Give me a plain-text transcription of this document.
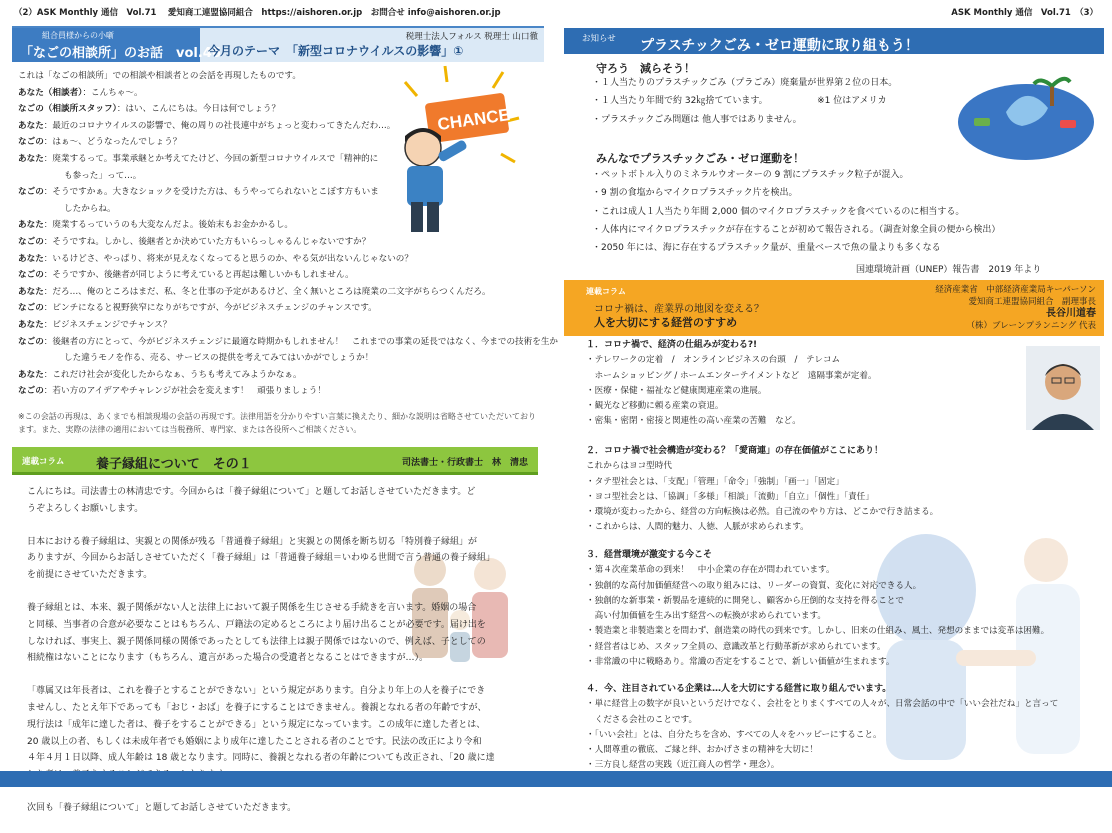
（2）ASK Monthly 通信　Vol.71　 愛知商工連盟協同組合　https://aishoren.or.jp　お問合せ info@aishoren.or.jp
組合員様からの小噺
「なごの相談所」のお話　vol.46
今月のテーマ　「新型コロナウイルスの影響」①
税理士法人フォルス 税理士 山口徹
CHANCE
これは「なごの相談所」での相談や相談者との会話を再現したものです。
あなた（相談者）：こんちゃ〜。
なごの（相談所スタッフ）：はい、こんにちは。今日は何でしょう？
あなた：最近のコロナウイルスの影響で、俺の周りの社長連中がちょっと変わってきたんだわ…。
なごの：はぁ〜、どうなったんでしょう？
あなた：廃業するって。事業承継とか考えてたけど、今回の新型コロナウイルスで「精神的に
も参った」って…。
なごの：そうですかぁ。大きなショックを受けた方は、もうやってられないとこぼす方もいま
したからね。
あなた：廃業するっていうのも大変なんだよ。後始末もお金かかるし。
なごの：そうですね。しかし、後継者とか決めていた方もいらっしゃるんじゃないですか？
あなた：いるけどさ、やっぱり、将来が見えなくなってると思うのか、やる気が出ないんじゃないの？
なごの：そうですか、後継者が同じように考えていると再起は難しいかもしれません。
あなた：だろ…、俺のところはまだ、私、冬と仕事の予定があるけど、全く無いところは廃業の二文字がちらつくんだろ。
なごの：ピンチになると視野狭窄になりがちですが、今がビジネスチェンジのチャンスです。
あなた：ビジネスチェンジでチャンス？
なごの：後継者の方にとって、今がビジネスチェンジに最適な時期かもしれません！　これまでの事業の延長ではなく、今までの技術を生か
した違うモノを作る、売る、サービスの提供を考えてみてはいかがでしょうか！
あなた：これだけ社会が変化したからなぁ、うちも考えてみようかなぁ。
なごの：若い方のアイデアやチャレンジが社会を変えます！　頑張りましょう！
※この会話の再現は、あくまでも相談現場の会話の再現です。法律用語を分かりやすい言葉に換えたり、細かな説明は省略させていただいております。また、実際の法律の適用においては当税務所、専門家、または各役所へご相談ください。
連載コラム 養子縁組について　その１	司法書士・行政書士　林　清忠

こんにちは。司法書士の林清忠です。今回からは「養子縁組について」と題してお話しさせていただきます。ど
うぞよろしくお願いします。

日本における養子縁組は、実親との関係が残る「普通養子縁組」と実親との関係を断ち切る「特別養子縁組」が
ありますが、今回からお話しさせていただく「養子縁組」は「普通養子縁組＝いわゆる世間で言う普通の養子縁組」
を前提にさせていただきます。

養子縁組とは、本来、親子関係がない人と法律上において親子関係を生じさせる手続きを言います。婚姻の場合
と同様、当事者の合意が必要なことはもちろん、戸籍法の定めるところにより届け出ることが必要です。届け出を
しなければ、事実上、親子関係同様の関係であったとしても法律上は親子関係ではないので、例えば、子としての
相続権はないことになります（もちろん、遺言があった場合の受遺者となることはできますが…）。

「尊属又は年長者は、これを養子とすることができない」という規定があります。自分より年上の人を養子にでき
ませんし、たとえ年下であっても「おじ・おば」を養子にすることはできません。養親となれる者の年齢ですが、
現行法は「成年に達した者は、養子をすることができる」という規定になっています。この成年に達した者とは、
20 歳以上の者、もしくは未成年者でも婚姻により成年に達したことされる者のことです。民法の改正により令和
４年４月１日以降、成人年齢は 18 歳となります。同時に、養親となれる者の年齢についても改正され、「20 歳に達

次回も「養子縁組について」と題してお話しさせていただきます。

ASK Monthly 通信　Vol.71　（3）
お知らせ プラスチックごみ・ゼロ運動に取り組もう！
守ろう　減らそう！
・１人当たりのプラスチックごみ（プラごみ）廃棄量が世界第２位の日本。
・１人当たり年間で約 32㎏捨てています。　　　　　　※1 位はアメリカ
・プラスチックごみ問題は 他人事ではありません。
みんなでプラスチックごみ・ゼロ運動を！
・ペットボトル入りのミネラルウオーターの 9 割にプラスチック粒子が混入。
・9 割の食塩からマイクロプラスチック片を検出。
・これは成人１人当たり年間 2,000 個のマイクロプラスチックを食べているのに相当する。
・人体内にマイクロプラスチックが存在することが初めて報告される。（調査対象全員の便から検出）
・2050 年には、海に存在するプラスチック量が、重量ベースで魚の量よりも多くなる
国連環境計画（UNEP）報告書　2019 年より
連載コラム
コロナ禍は、産業界の地図を変える？
人を大切にする経営のすすめ
経済産業省　中部経済産業局キーパーソン
愛知商工連盟協同組合　副理事長
長谷川道春
（株）ブレーンプランニング 代表
１．コロナ禍で、経済の仕組みが変わる?!
・テレワークの定着　/　オンラインビジネスの台頭　/　テレコム
　ホームショッピング / ホームエンターテイメントなど　遠隔事業が定着。
・医療・保健・福祉など健康関連産業の進展。
・観光など移動に頼る産業の衰退。
・密集・密閉・密接と関連性の高い産業の苦難　など。
２．コロナ禍で社会構造が変わる？「愛商連」の存在価値がここにあり！
これからはヨコ型時代
・タテ型社会とは、「支配」「管理」「命令」「強制」「画一」「固定」
・ヨコ型社会とは、「協調」「多様」「相談」「流動」「自立」「個性」「責任」
・環境が変わったから、経営の方向転換は必然。自己流のやり方は、どこかで行き詰まる。
・これからは、人間的魅力、人徳、人脈が求められます。
３．経営環境が激変する今こそ
・第４次産業革命の到来！　中小企業の存在が問われています。
・独創的な高付加価値経営への取り組みには、リーダーの資質、変化に対応できる人。
・独創的な新事業・新製品を連続的に開発し、顧客から圧倒的な支持を得ることで
　高い付加価値を生み出す経営への転換が求められています。
・製造業と非製造業とを問わず、創造業の時代の到来です。しかし、旧来の仕組み、風土、発想のままでは変革は困難。
・経営者はじめ、スタッフ全員の、意識改革と行動革新が求められています。
・非常識の中に戦略あり。常識の否定をすることで、新しい価値が生まれます。
４．今、注目されている企業は…人を大切にする経営に取り組んでいます。
・単に経営上の数字が良いというだけでなく、会社をとりまくすべての人々が、日常会話の中で「いい会社だね」と言って
　くださる会社のことです。
・「いい会社」とは、自分たちを含め、すべての人々をハッピーにすること。
・人間尊重の徹底、ご縁と绊、おかげさまの精神を大切に！
・三方良し経営の実践（近江商人の哲学・理念）。
